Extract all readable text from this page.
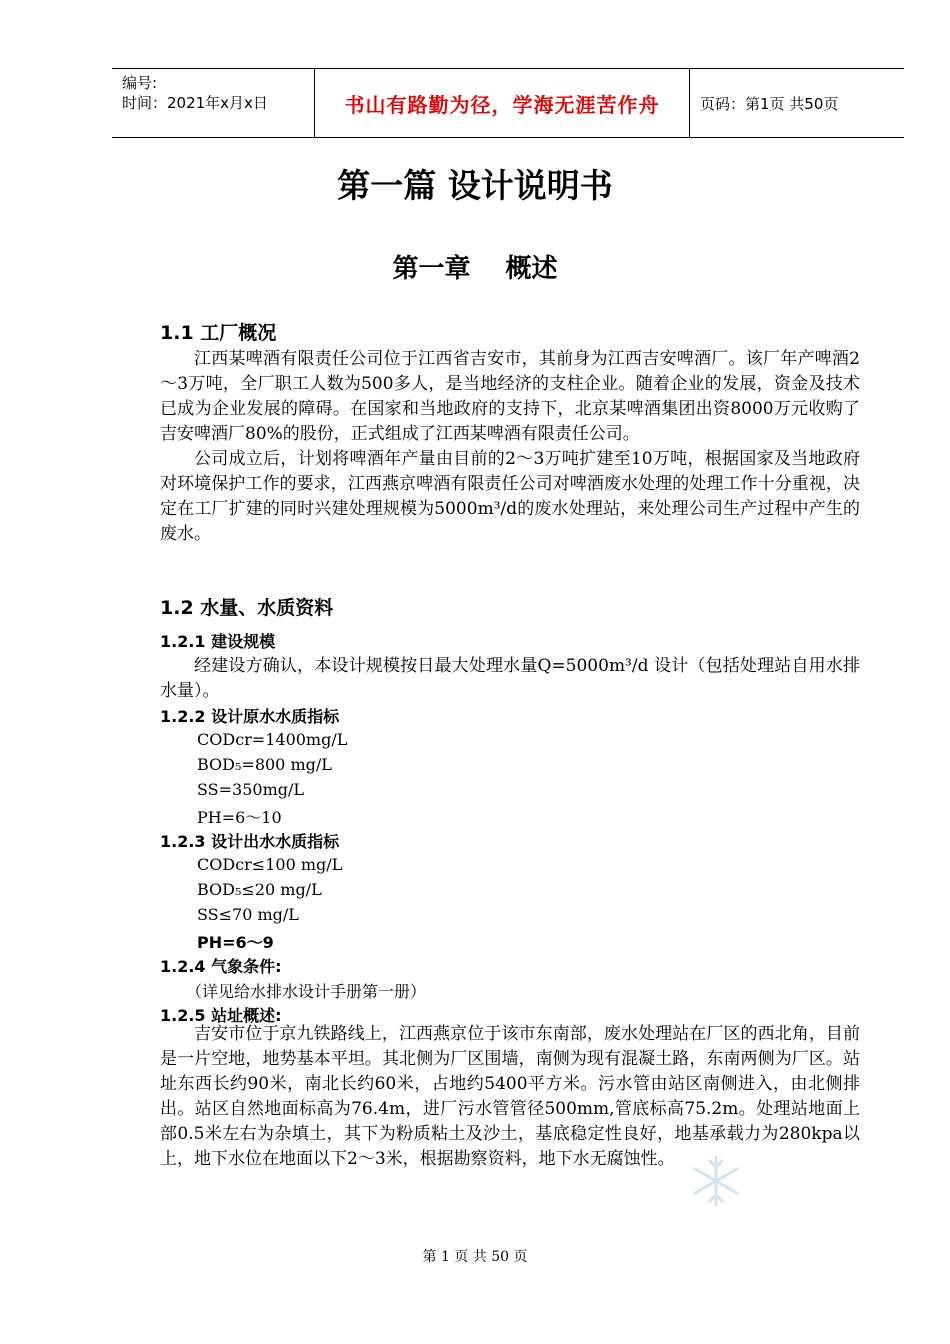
编号:
时间：2021年x月x日	书山有路勤为径，学海无涯苦作舟	页码：第1页 共50页
第一篇 设计说明书
第一章　 概述
1.1 工厂概况

江西某啤酒有限责任公司位于江西省吉安市，其前身为江西吉安啤酒厂。该厂年产啤酒2～3万吨，全厂职工人数为500多人，是当地经济的支柱企业。随着企业的发展，资金及技术已成为企业发展的障碍。在国家和当地政府的支持下，北京某啤酒集团出资8000万元收购了吉安啤酒厂80%的股份，正式组成了江西某啤酒有限责任公司。

公司成立后，计划将啤酒年产量由目前的2～3万吨扩建至10万吨，根据国家及当地政府对环境保护工作的要求，江西燕京啤酒有限责任公司对啤酒废水处理的处理工作十分重视，决定在工厂扩建的同时兴建处理规模为5000m³/d的废水处理站，来处理公司生产过程中产生的废水。

1.2 水量、水质资料
1.2.1 建设规模

经建设方确认，本设计规模按日最大处理水量Q=5000m³/d 设计（包括处理站自用水排水量）。

1.2.2 设计原水水质指标
CODcr=1400mg/L
BOD₅=800 mg/L
SS=350mg/L
PH=6～10
1.2.3 设计出水水质指标
CODcr≤100 mg/L
BOD₅≤20 mg/L
SS≤70 mg/L
PH=6～9
1.2.4 气象条件:
（详见给水排水设计手册第一册）
1.2.5 站址概述:

吉安市位于京九铁路线上，江西燕京位于该市东南部，废水处理站在厂区的西北角，目前是一片空地，地势基本平坦。其北侧为厂区围墙，南侧为现有混凝土路，东南两侧为厂区。站址东西长约90米，南北长约60米，占地约5400平方米。污水管由站区南侧进入，由北侧排出。站区自然地面标高为76.4m，进厂污水管管径500mm,管底标高75.2m。处理站地面上部0.5米左右为杂填土，其下为粉质粘土及沙土，基底稳定性良好，地基承载力为280kpa以上，地下水位在地面以下2～3米，根据勘察资料，地下水无腐蚀性。

第 1 页 共 50 页
